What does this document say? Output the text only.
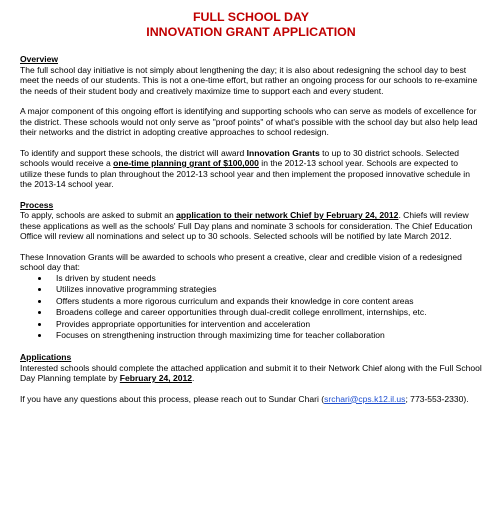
FULL SCHOOL DAY
INNOVATION GRANT APPLICATION

Overview

The full school day initiative is not simply about lengthening the day; it is also about redesigning the school day to best meet the needs of our students. This is not a one-time effort, but rather an ongoing process for our schools to re-examine the needs of their student body and creatively maximize time to support each and every student.

A major component of this ongoing effort is identifying and supporting schools who can serve as models of excellence for the district. These schools would not only serve as "proof points" of what's possible with the school day but also help lead their networks and the district in adopting creative approaches to school redesign.

To identify and support these schools, the district will award Innovation Grants to up to 30 district schools. Selected schools would receive a one-time planning grant of $100,000 in the 2012-13 school year. Schools are expected to utilize these funds to plan throughout the 2012-13 school year and then implement the proposed innovative schedule in the 2013-14 school year.

Process

To apply, schools are asked to submit an application to their network Chief by February 24, 2012. Chiefs will review these applications as well as the schools' Full Day plans and nominate 3 schools for consideration. The Chief Education Office will review all nominations and select up to 30 schools. Selected schools will be notified by late March 2012.

These Innovation Grants will be awarded to schools who present a creative, clear and credible vision of a redesigned school day that:

• Is driven by student needs
• Utilizes innovative programming strategies
• Offers students a more rigorous curriculum and expands their knowledge in core content areas
• Broadens college and career opportunities through dual-credit college enrollment, internships, etc.
• Provides appropriate opportunities for intervention and acceleration
• Focuses on strengthening instruction through maximizing time for teacher collaboration

Applications

Interested schools should complete the attached application and submit it to their Network Chief along with the Full School Day Planning template by February 24, 2012.

If you have any questions about this process, please reach out to Sundar Chari (srchari@cps.k12.il.us; 773-553-2330).
